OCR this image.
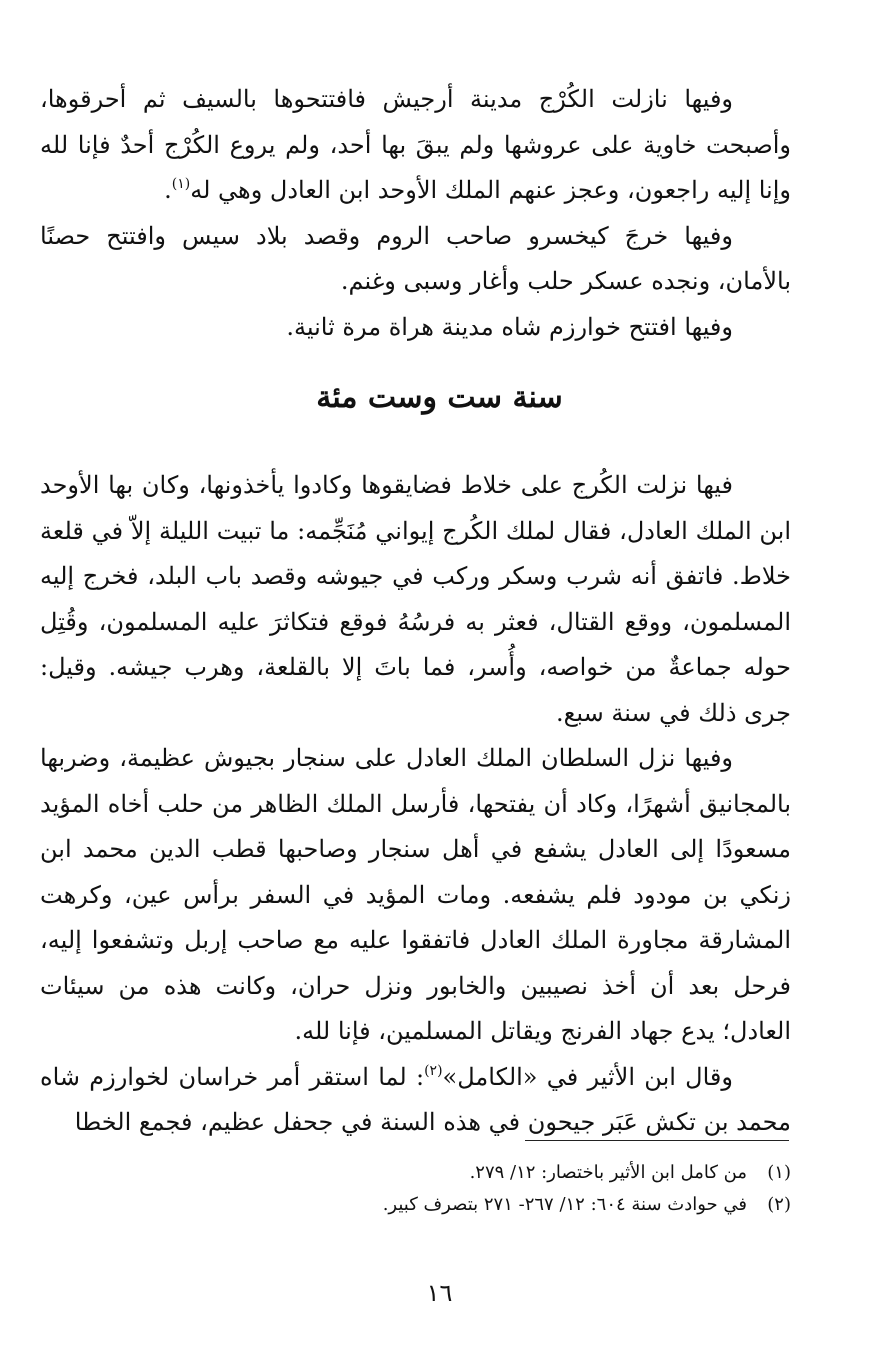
وفيها نازلت الكُرْج مدينة أرجيش فافتتحوها بالسيف ثم أحرقوها، وأصبحت خاوية على عروشها ولم يبقَ بها أحد، ولم يروع الكُرْج أحدٌ فإنا لله وإنا إليه راجعون، وعجز عنهم الملك الأوحد ابن العادل وهي له$^{(١)}$.

وفيها خرجَ كيخسرو صاحب الروم وقصد بلاد سيس وافتتح حصنًا بالأمان، ونجده عسكر حلب وأغار وسبى وغنم.

وفيها افتتح خوارزم شاه مدينة هراة مرة ثانية.

سنة ست وست مئة

فيها نزلت الكُرج على خلاط فضايقوها وكادوا يأخذونها، وكان بها الأوحد ابن الملك العادل، فقال لملك الكُرج إيواني مُنَجِّمه: ما تبيت الليلة إلاّ في قلعة خلاط. فاتفق أنه شرب وسكر وركب في جيوشه وقصد باب البلد، فخرج إليه المسلمون، ووقع القتال، فعثر به فرسُهُ فوقع فتكاثرَ عليه المسلمون، وقُتِل حوله جماعةٌ من خواصه، وأُسر، فما باتَ إلا بالقلعة، وهرب جيشه. وقيل: جرى ذلك في سنة سبع.

وفيها نزل السلطان الملك العادل على سنجار بجيوش عظيمة، وضربها بالمجانيق أشهرًا، وكاد أن يفتحها، فأرسل الملك الظاهر من حلب أخاه المؤيد مسعودًا إلى العادل يشفع في أهل سنجار وصاحبها قطب الدين محمد ابن زنكي بن مودود فلم يشفعه. ومات المؤيد في السفر برأس عين، وكرهت المشارقة مجاورة الملك العادل فاتفقوا عليه مع صاحب إربل وتشفعوا إليه، فرحل بعد أن أخذ نصيبين والخابور ونزل حران، وكانت هذه من سيئات العادل؛ يدع جهاد الفرنج ويقاتل المسلمين، فإنا لله.

وقال ابن الأثير في «الكامل»$^{(٢)}$: لما استقر أمر خراسان لخوارزم شاه محمد بن تكش عَبَر جيحون في هذه السنة في جحفل عظيم، فجمع الخطا

(١)من كامل ابن الأثير باختصار: ١٢/ ٢٧٩.

(٢)في حوادث سنة ٦٠٤: ١٢/ ٢٦٧- ٢٧١ بتصرف كبير.

١٦
